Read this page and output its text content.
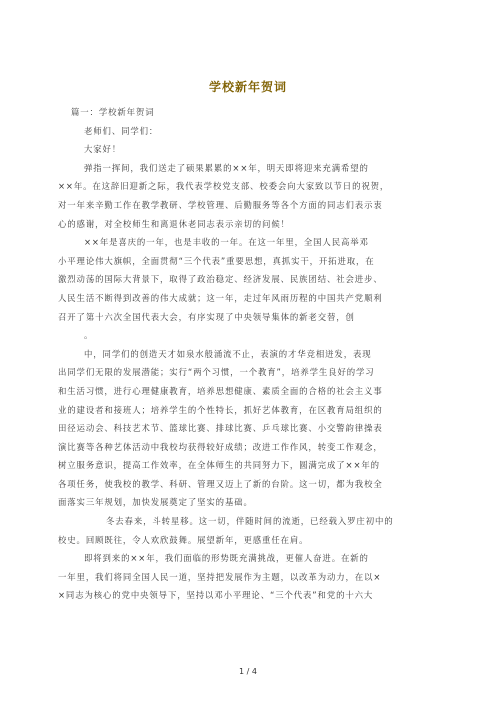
学校新年贺词
篇一：学校新年贺词
老师们、同学们：
大家好！
弹指一挥间，我们送走了硕果累累的××年，明天即将迎来充满希望的
××年。在这辞旧迎新之际，我代表学校党支部、校委会向大家致以节日的祝贺，
对一年来辛勤工作在教学教研、学校管理、后勤服务等各个方面的同志们表示衷
心的感谢，对全校师生和离退休老同志表示亲切的问候！
××年是喜庆的一年，也是丰收的一年。在这一年里，全国人民高举邓
小平理论伟大旗帜，全面贯彻“三个代表”重要思想，真抓实干，开拓进取，在
激烈动荡的国际大背景下，取得了政治稳定、经济发展、民族团结、社会进步、
人民生活不断得到改善的伟大成就；这一年，走过年风雨历程的中国共产党顺利
召开了第十六次全国代表大会，有序实现了中央领导集体的新老交替，创
。
中，同学们的创造天才如泉水般涌流不止，表演的才华竞相迸发，表现
出同学们无限的发展潜能；实行“两个习惯，一个教育”，培养学生良好的学习
和生活习惯，进行心理健康教育，培养思想健康、素质全面的合格的社会主义事
业的建设者和接班人；培养学生的个性特长，抓好艺体教育，在区教育局组织的
田径运动会、科技艺术节、篮球比赛、排球比赛、乒乓球比赛、小交警韵律操表
演比赛等各种艺体活动中我校均获得较好成绩；改进工作作风，转变工作观念，
树立服务意识，提高工作效率，在全体师生的共同努力下，圆满完成了××年的
各项任务，使我校的教学、科研、管理又迈上了新的台阶。这一切，都为我校全
面落实三年规划，加快发展奠定了坚实的基础。
冬去春来，斗转星移。这一切，伴随时间的流逝，已经载入罗庄初中的
校史。回顾既往，令人欢欣鼓舞。展望新年，更感重任在肩。
即将到来的××年，我们面临的形势既充满挑战，更催人奋进。在新的
一年里，我们将同全国人民一道，坚持把发展作为主题，以改革为动力，在以×
×同志为核心的党中央领导下，坚持以邓小平理论、“三个代表”和党的十六大
1 / 4
